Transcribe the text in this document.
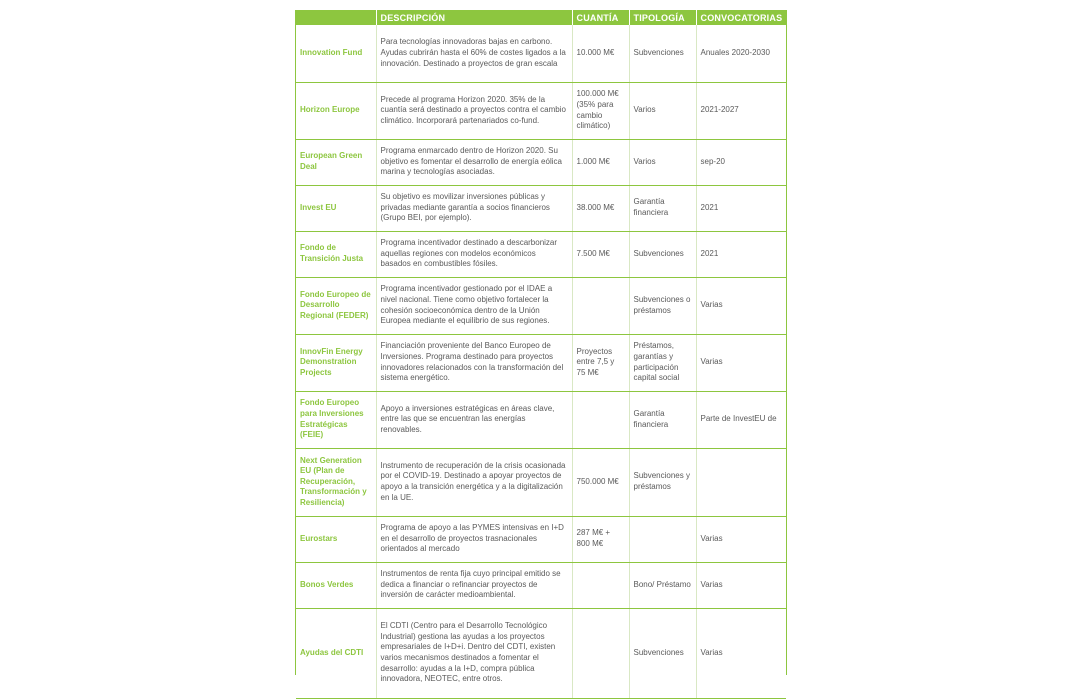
	DESCRIPCIÓN	CUANTÍA	TIPOLOGÍA	CONVOCATORIAS
Innovation Fund	Para tecnologías innovadoras bajas en carbono. Ayudas cubrirán hasta el 60% de costes ligados a la innovación. Destinado a proyectos de gran escala	10.000 M€	Subvenciones	Anuales 2020-2030
Horizon Europe	Precede al programa Horizon 2020. 35% de la cuantía será destinado a proyectos contra el cambio climático. Incorporará partenariados co-fund.	100.000 M€ (35% para cambio climático)	Varios	2021-2027
European Green Deal	Programa enmarcado dentro de Horizon 2020. Su objetivo es fomentar el desarrollo de energía eólica marina y tecnologías asociadas.	1.000 M€	Varios	sep-20
Invest EU	Su objetivo es movilizar inversiones públicas y privadas mediante garantía a socios financieros (Grupo BEI, por ejemplo).	38.000 M€	Garantía financiera	2021
Fondo de Transición Justa	Programa incentivador destinado a descarbonizar aquellas regiones con modelos económicos basados en combustibles fósiles.	7.500 M€	Subvenciones	2021
Fondo Europeo de Desarrollo Regional (FEDER)	Programa incentivador gestionado por el IDAE a nivel nacional. Tiene como objetivo fortalecer la cohesión socioeconómica dentro de la Unión Europea mediante el equilibrio de sus regiones.		Subvenciones o préstamos	Varias
InnovFin Energy Demonstration Projects	Financiación proveniente del Banco Europeo de Inversiones. Programa destinado para proyectos innovadores relacionados con la transformación del sistema energético.	Proyectos entre 7,5 y 75 M€	Préstamos, garantías y participación capital social	Varias
Fondo Europeo para Inversiones Estratégicas (FEIE)	Apoyo a inversiones estratégicas en áreas clave, entre las que se encuentran las energías renovables.		Garantía financiera	Parte de InvestEU de
Next Generation EU (Plan de Recuperación, Transformación y Resiliencia)	Instrumento de recuperación de la crisis ocasionada por el COVID-19. Destinado a apoyar proyectos de apoyo a la transición energética y a la digitalización en la UE.	750.000 M€	Subvenciones y préstamos	
Eurostars	Programa de apoyo a las PYMES intensivas en I+D en el desarrollo de proyectos trasnacionales orientados al mercado	287 M€ + 800 M€		Varias
Bonos Verdes	Instrumentos de renta fija cuyo principal emitido se dedica a financiar o refinanciar proyectos de inversión de carácter medioambiental.		Bono/ Préstamo	Varias
Ayudas del CDTI	El CDTI (Centro para el Desarrollo Tecnológico Industrial) gestiona las ayudas a los proyectos empresariales de I+D+i. Dentro del CDTI, existen varios mecanismos destinados a fomentar el desarrollo: ayudas a la I+D, compra pública innovadora, NEOTEC, entre otros.		Subvenciones	Varias
